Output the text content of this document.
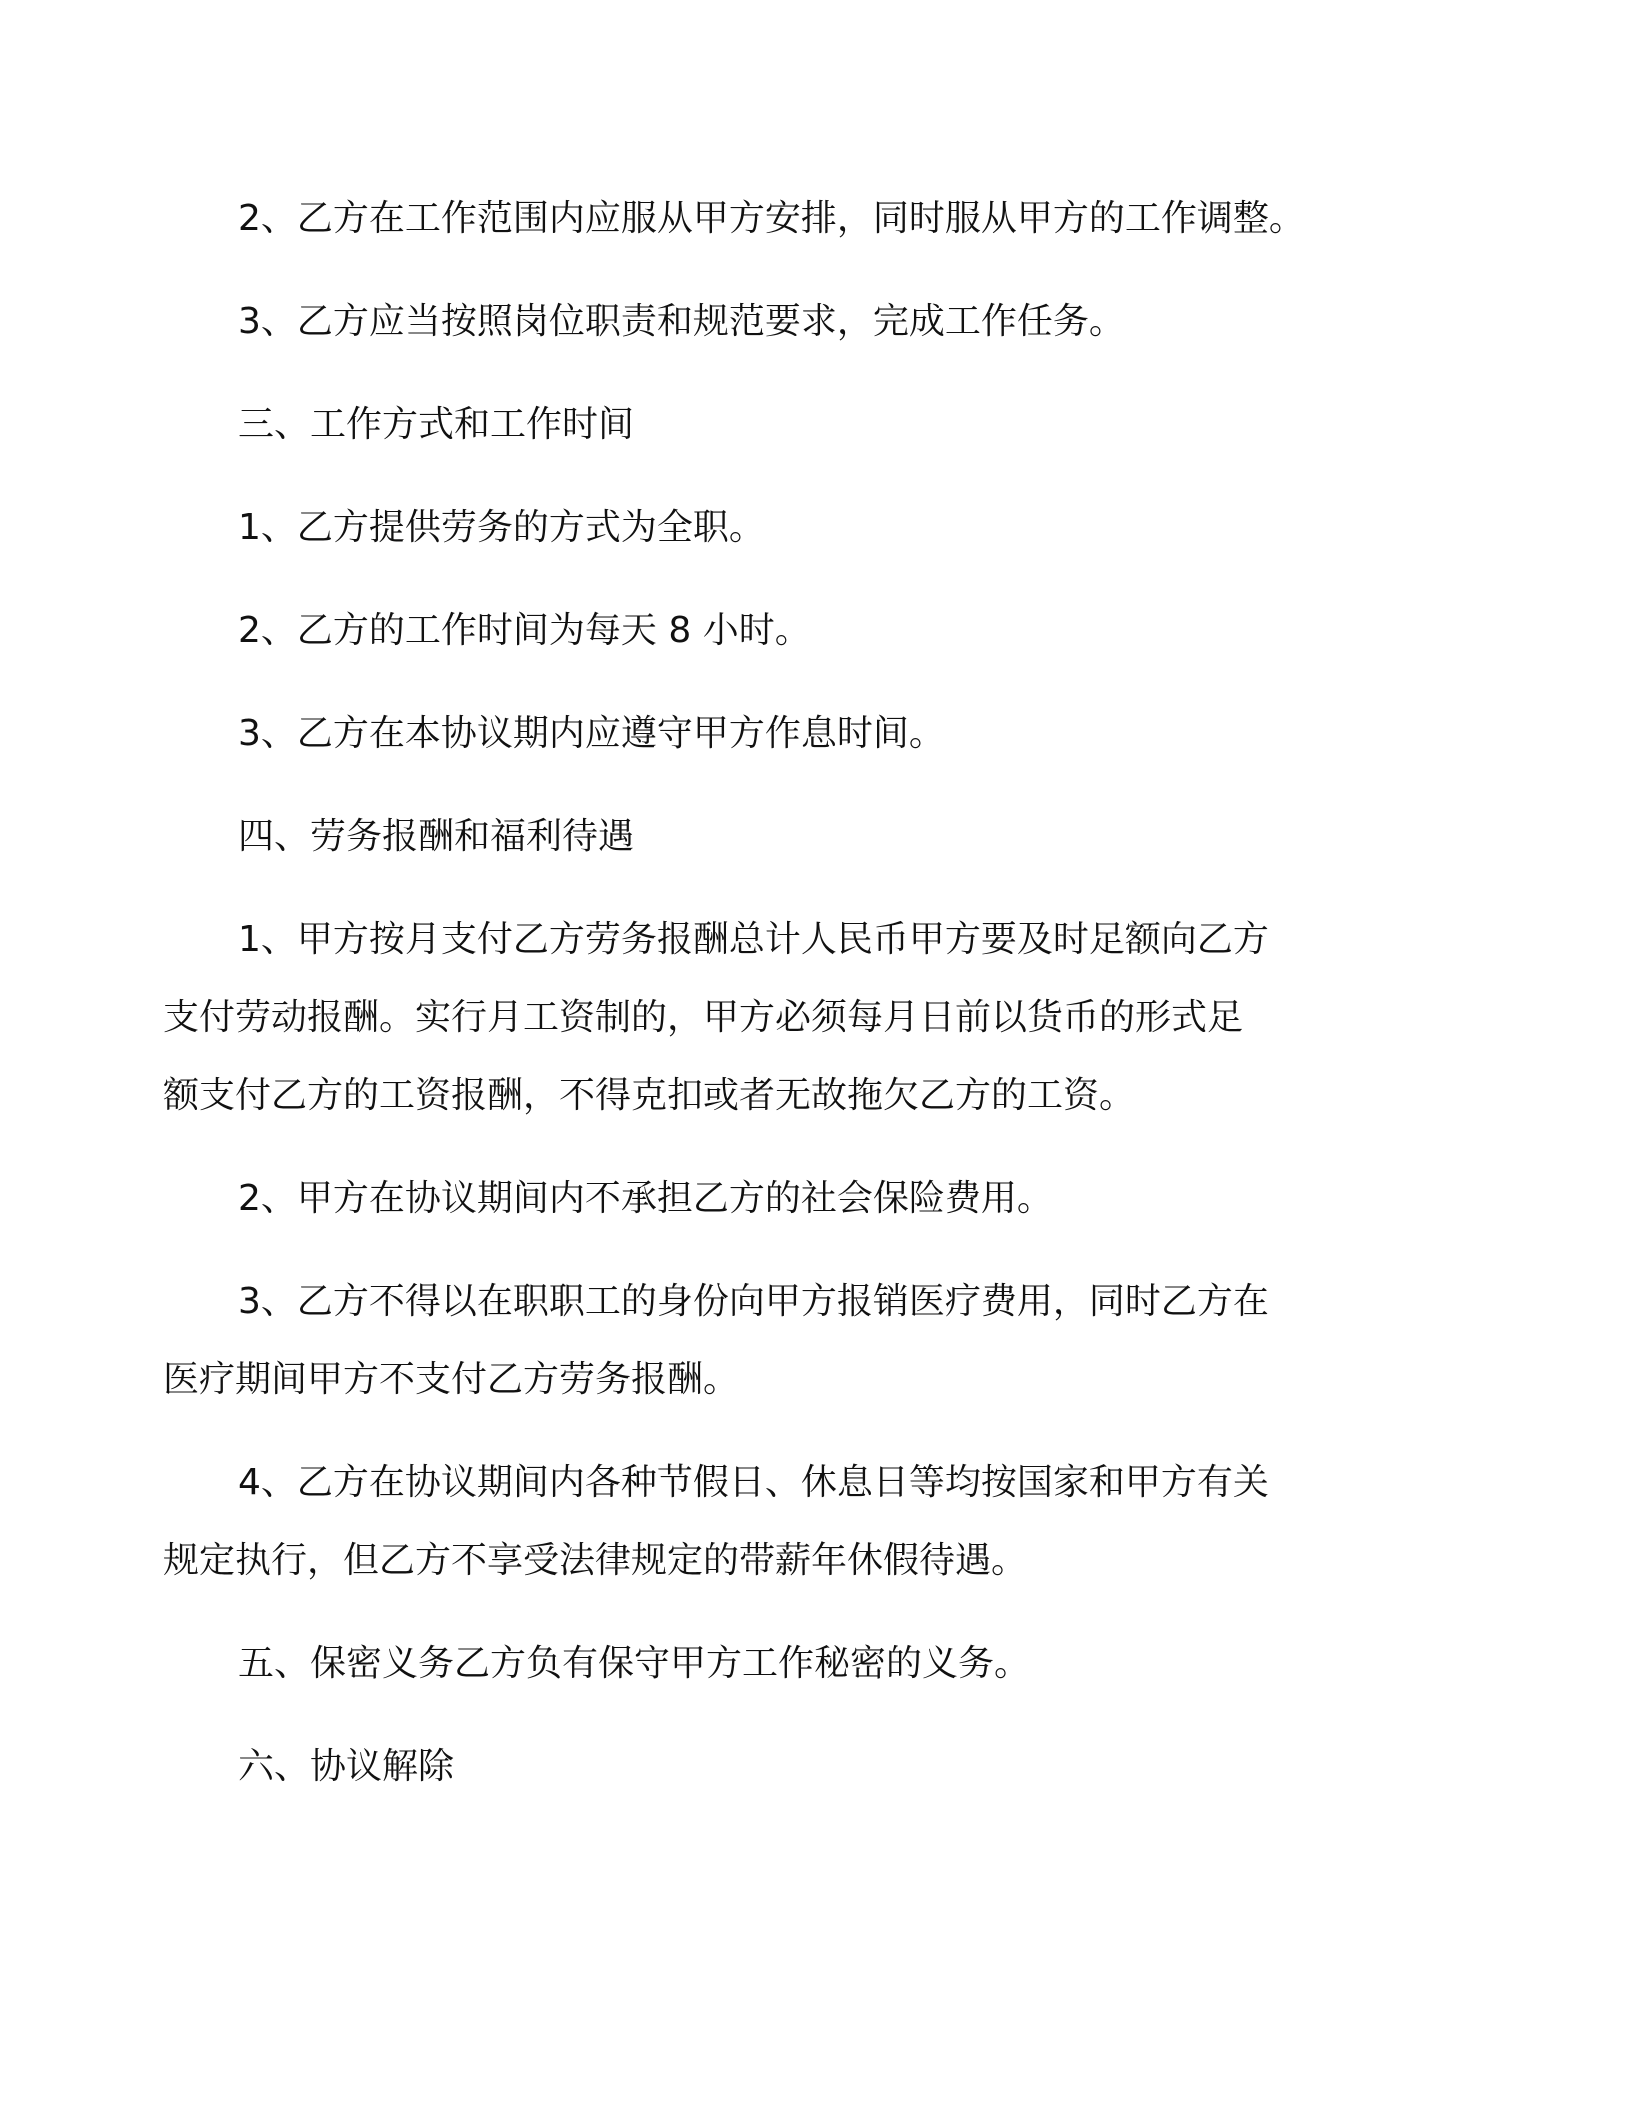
2、乙方在工作范围内应服从甲方安排，同时服从甲方的工作调整。
3、乙方应当按照岗位职责和规范要求，完成工作任务。
三、工作方式和工作时间
1、乙方提供劳务的方式为全职。
2、乙方的工作时间为每天 8 小时。
3、乙方在本协议期内应遵守甲方作息时间。
四、劳务报酬和福利待遇
1、甲方按月支付乙方劳务报酬总计人民币甲方要及时足额向乙方
支付劳动报酬。实行月工资制的，甲方必须每月日前以货币的形式足
额支付乙方的工资报酬，不得克扣或者无故拖欠乙方的工资。
2、甲方在协议期间内不承担乙方的社会保险费用。
3、乙方不得以在职职工的身份向甲方报销医疗费用，同时乙方在
医疗期间甲方不支付乙方劳务报酬。
4、乙方在协议期间内各种节假日、休息日等均按国家和甲方有关
规定执行，但乙方不享受法律规定的带薪年休假待遇。
五、保密义务乙方负有保守甲方工作秘密的义务。
六、协议解除
